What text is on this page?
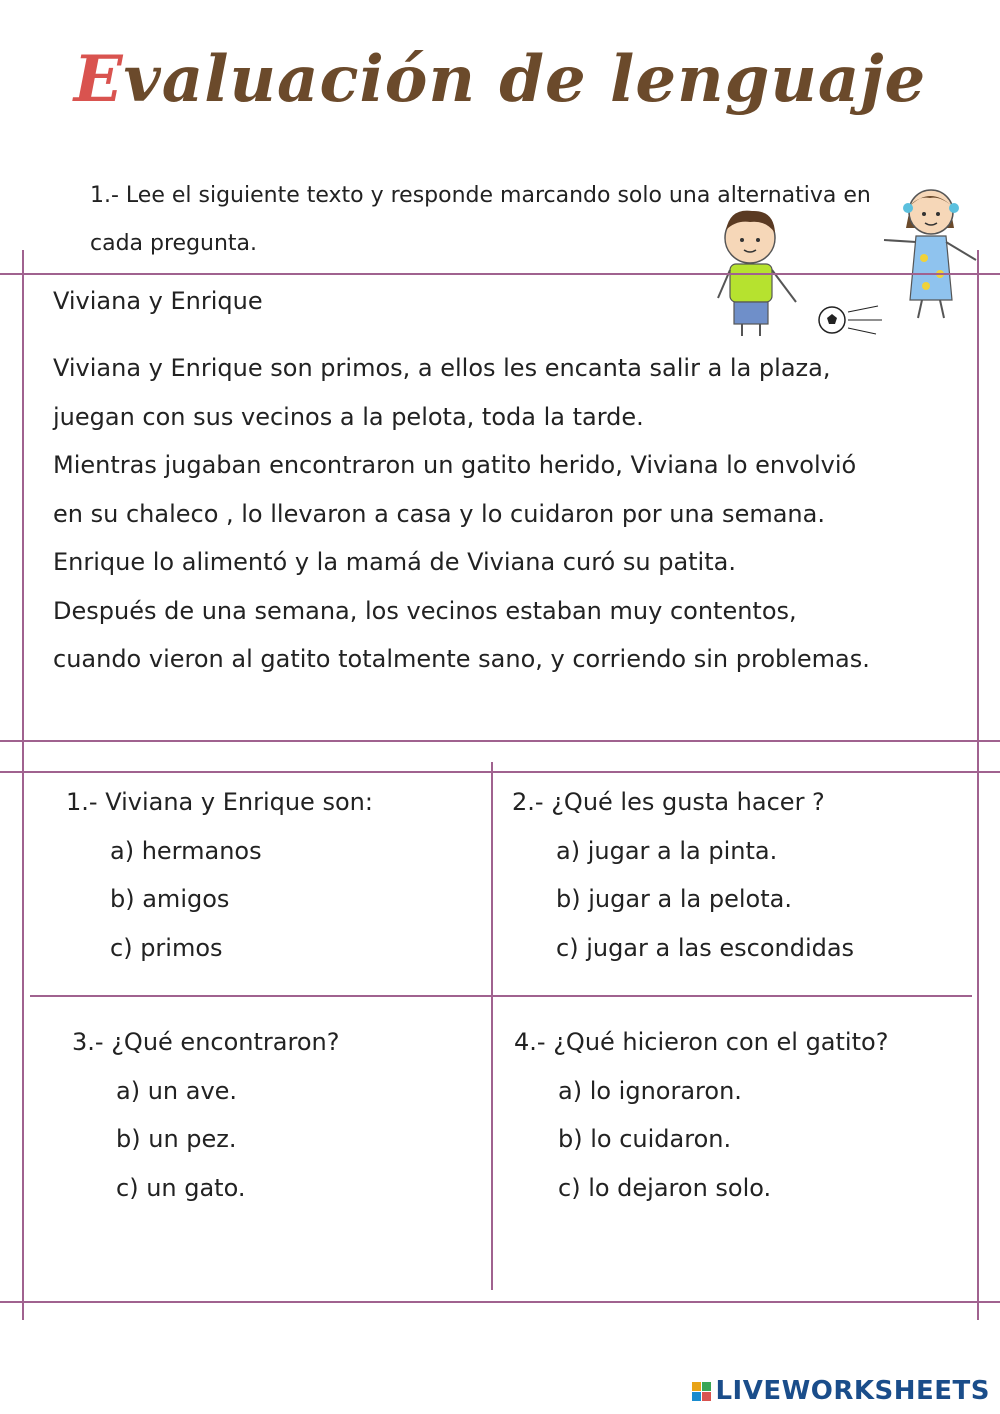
Evaluación de lenguaje
1.- Lee el siguiente texto y responde marcando solo una alternativa en cada pregunta.
Viviana y Enrique

Viviana y Enrique son primos, a ellos les encanta salir a la plaza,

juegan con sus vecinos a la pelota, toda la tarde.

Mientras jugaban encontraron un gatito herido, Viviana lo envolvió

en su chaleco , lo llevaron a casa y lo cuidaron por una semana.

Enrique lo alimentó y la mamá de Viviana curó su patita.

Después de una semana, los vecinos estaban muy contentos,

cuando vieron al gatito totalmente sano, y corriendo sin problemas.

1.- Viviana y Enrique son:
a) hermanos
b) amigos
c) primos
2.- ¿Qué les gusta hacer ?
a) jugar a la pinta.
b) jugar a la pelota.
c) jugar a las escondidas
3.- ¿Qué encontraron?
a) un ave.
b) un pez.
c) un gato.
4.- ¿Qué hicieron con el gatito?
a) lo ignoraron.
b) lo cuidaron.
c) lo dejaron solo.
LIVEWORKSHEETS
